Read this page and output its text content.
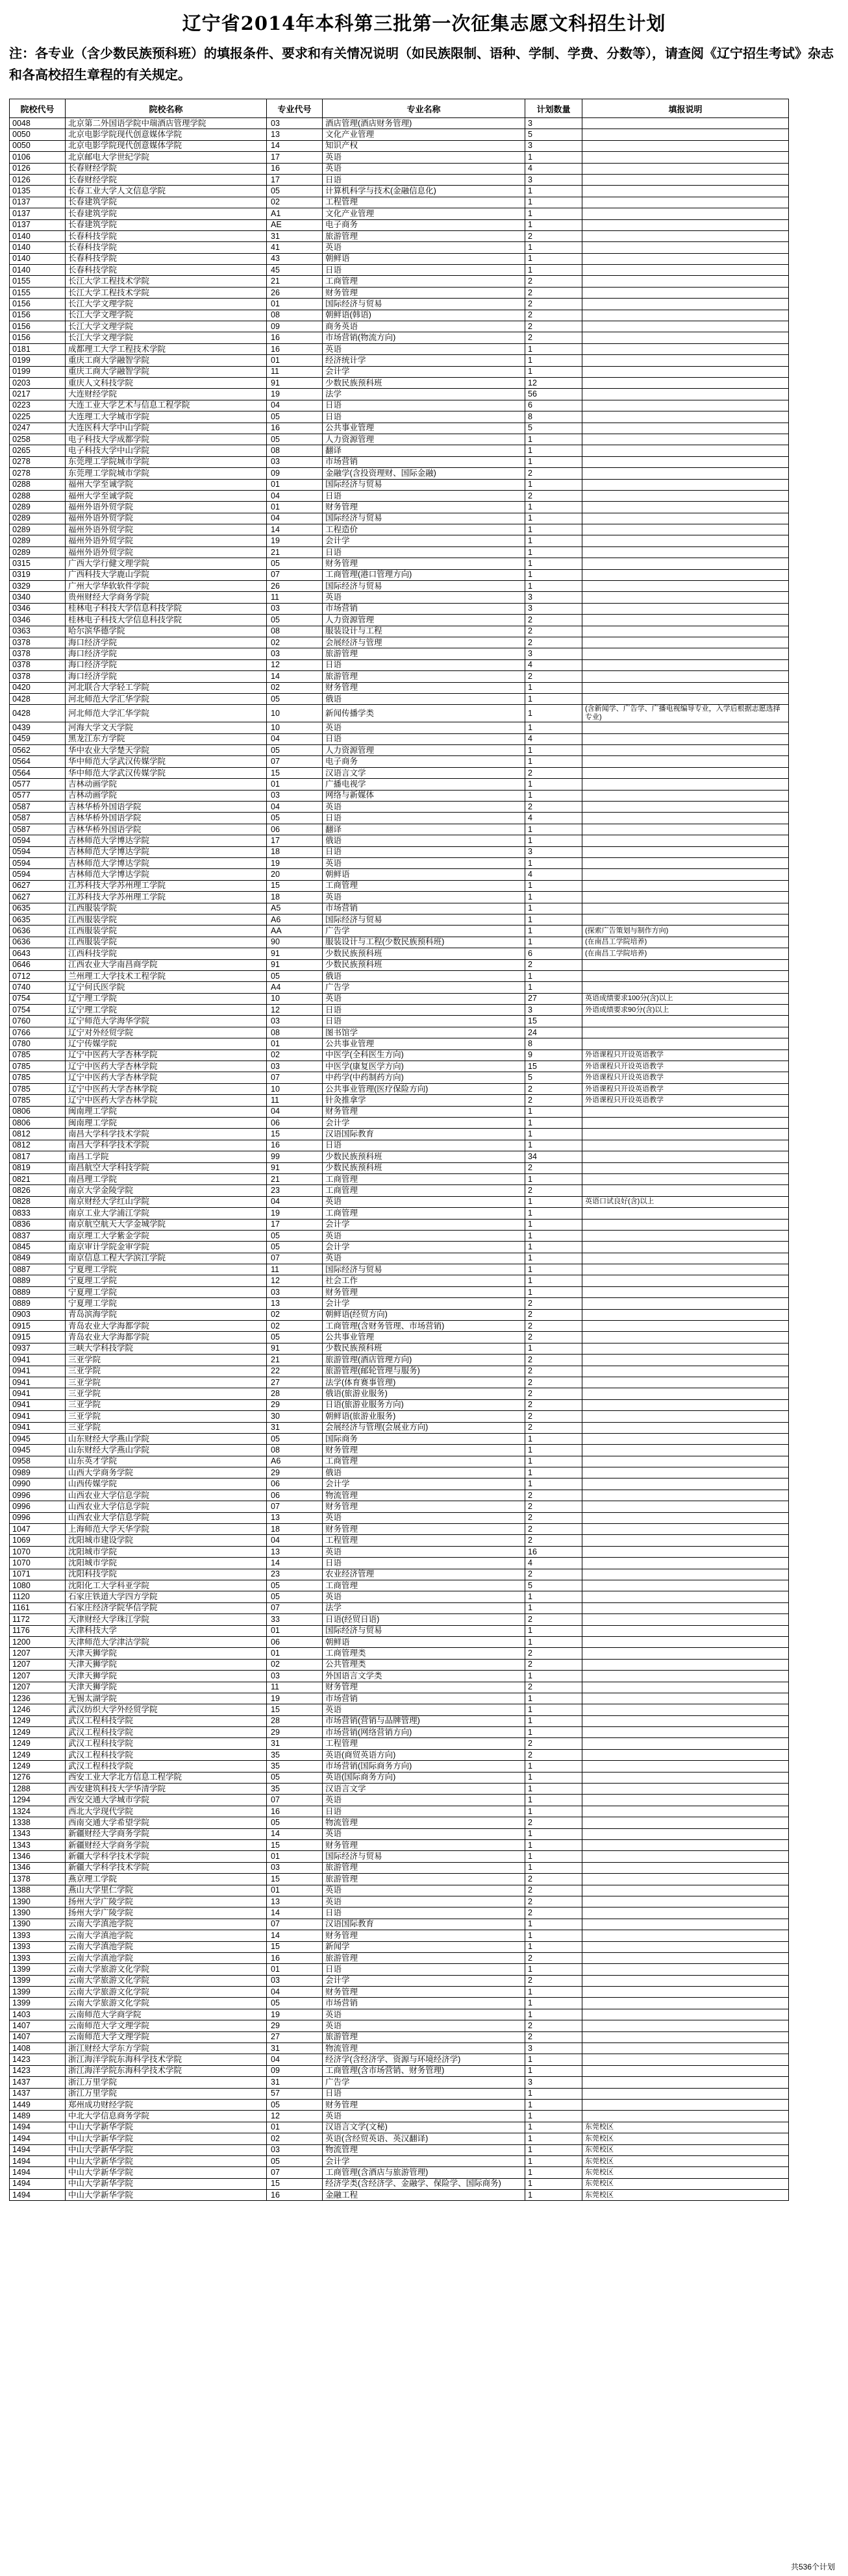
辽宁省2014年本科第三批第一次征集志愿文科招生计划
注：各专业（含少数民族预科班）的填报条件、要求和有关情况说明（如民族限制、语种、学制、学费、分数等），请查阅《辽宁招生考试》杂志和各高校招生章程的有关规定。
院校代号	院校名称	专业代号	专业名称	计划数量	填报说明
0048	北京第二外国语学院中瑞酒店管理学院	03	酒店管理(酒店财务管理)	3	
0050	北京电影学院现代创意媒体学院	13	文化产业管理	5	
0050	北京电影学院现代创意媒体学院	14	知识产权	3	
0106	北京邮电大学世纪学院	17	英语	1	
0126	长春财经学院	16	英语	4	
0126	长春财经学院	17	日语	3	
0135	长春工业大学人文信息学院	05	计算机科学与技术(金融信息化)	1	
0137	长春建筑学院	02	工程管理	1	
0137	长春建筑学院	A1	文化产业管理	1	
0137	长春建筑学院	AE	电子商务	1	
0140	长春科技学院	31	旅游管理	2	
0140	长春科技学院	41	英语	1	
0140	长春科技学院	43	朝鲜语	1	
0140	长春科技学院	45	日语	1	
0155	长江大学工程技术学院	21	工商管理	2	
0155	长江大学工程技术学院	26	财务管理	2	
0156	长江大学文理学院	01	国际经济与贸易	2	
0156	长江大学文理学院	08	朝鲜语(韩语)	2	
0156	长江大学文理学院	09	商务英语	2	
0156	长江大学文理学院	16	市场营销(物流方向)	2	
0181	成都理工大学工程技术学院	16	英语	1	
0199	重庆工商大学融智学院	01	经济统计学	1	
0199	重庆工商大学融智学院	11	会计学	1	
0203	重庆人文科技学院	91	少数民族预科班	12	
0217	大连财经学院	19	法学	56	
0223	大连工业大学艺术与信息工程学院	04	日语	6	
0225	大连理工大学城市学院	05	日语	8	
0247	大连医科大学中山学院	16	公共事业管理	5	
0258	电子科技大学成都学院	05	人力资源管理	1	
0265	电子科技大学中山学院	08	翻译	1	
0278	东莞理工学院城市学院	03	市场营销	1	
0278	东莞理工学院城市学院	09	金融学(含投资理财、国际金融)	2	
0288	福州大学至诚学院	01	国际经济与贸易	1	
0288	福州大学至诚学院	04	日语	2	
0289	福州外语外贸学院	01	财务管理	1	
0289	福州外语外贸学院	04	国际经济与贸易	1	
0289	福州外语外贸学院	14	工程造价	1	
0289	福州外语外贸学院	19	会计学	1	
0289	福州外语外贸学院	21	日语	1	
0315	广西大学行健文理学院	05	财务管理	1	
0319	广西科技大学鹿山学院	07	工商管理(港口管理方向)	1	
0329	广州大学华软软件学院	26	国际经济与贸易	1	
0340	贵州财经大学商务学院	11	英语	3	
0346	桂林电子科技大学信息科技学院	03	市场营销	3	
0346	桂林电子科技大学信息科技学院	05	人力资源管理	2	
0363	哈尔滨华德学院	08	服装设计与工程	2	
0378	海口经济学院	02	会展经济与管理	2	
0378	海口经济学院	03	旅游管理	3	
0378	海口经济学院	12	日语	4	
0378	海口经济学院	14	旅游管理	2	
0420	河北联合大学轻工学院	02	财务管理	1	
0428	河北师范大学汇华学院	05	俄语	1	
0428	河北师范大学汇华学院	10	新闻传播学类	1	(含新闻学、广告学、广播电视编导专业，入学后根据志愿选择专业)
0439	河海大学文天学院	10	英语	1	
0459	黑龙江东方学院	04	日语	4	
0562	华中农业大学楚天学院	05	人力资源管理	1	
0564	华中师范大学武汉传媒学院	07	电子商务	1	
0564	华中师范大学武汉传媒学院	15	汉语言文学	2	
0577	吉林动画学院	01	广播电视学	1	
0577	吉林动画学院	03	网络与新媒体	1	
0587	吉林华桥外国语学院	04	英语	2	
0587	吉林华桥外国语学院	05	日语	4	
0587	吉林华桥外国语学院	06	翻译	1	
0594	吉林师范大学博达学院	17	俄语	1	
0594	吉林师范大学博达学院	18	日语	3	
0594	吉林师范大学博达学院	19	英语	1	
0594	吉林师范大学博达学院	20	朝鲜语	4	
0627	江苏科技大学苏州理工学院	15	工商管理	1	
0627	江苏科技大学苏州理工学院	18	英语	1	
0635	江西服装学院	A5	市场营销	1	
0635	江西服装学院	A6	国际经济与贸易	1	
0636	江西服装学院	AA	广告学	1	(探索广告策划与制作方向)
0636	江西服装学院	90	服装设计与工程(少数民族预科班)	1	(在南昌工学院培养)
0643	江西科技学院	91	少数民族预科班	6	(在南昌工学院培养)
0646	江西农业大学南昌商学院	91	少数民族预科班	2	
0712	兰州理工大学技术工程学院	05	俄语	1	
0740	辽宁何氏医学院	A4	广告学	1	
0754	辽宁理工学院	10	英语	27	英语成绩要求100分(含)以上
0754	辽宁理工学院	12	日语	3	外语成绩要求90分(含)以上
0760	辽宁师范大学海华学院	03	日语	15	
0766	辽宁对外经贸学院	08	图书馆学	24	
0780	辽宁传媒学院	01	公共事业管理	8	
0785	辽宁中医药大学杏林学院	02	中医学(全科医生方向)	9	外语课程只开设英语教学
0785	辽宁中医药大学杏林学院	03	中医学(康复医学方向)	15	外语课程只开设英语教学
0785	辽宁中医药大学杏林学院	07	中药学(中药制药方向)	5	外语课程只开设英语教学
0785	辽宁中医药大学杏林学院	10	公共事业管理(医疗保险方向)	2	外语课程只开设英语教学
0785	辽宁中医药大学杏林学院	11	针灸推拿学	2	外语课程只开设英语教学
0806	闽南理工学院	04	财务管理	1	
0806	闽南理工学院	06	会计学	1	
0812	南昌大学科学技术学院	15	汉语国际教育	1	
0812	南昌大学科学技术学院	16	日语	1	
0817	南昌工学院	99	少数民族预科班	34	
0819	南昌航空大学科技学院	91	少数民族预科班	2	
0821	南昌理工学院	21	工商管理	1	
0826	南京大学金陵学院	23	工商管理	2	
0828	南京财经大学红山学院	04	英语	1	英语口试良好(含)以上
0833	南京工业大学浦江学院	19	工商管理	1	
0836	南京航空航天大学金城学院	17	会计学	1	
0837	南京理工大学紫金学院	05	英语	1	
0845	南京审计学院金审学院	05	会计学	1	
0849	南京信息工程大学滨江学院	07	英语	1	
0887	宁夏理工学院	11	国际经济与贸易	1	
0889	宁夏理工学院	12	社会工作	1	
0889	宁夏理工学院	03	财务管理	1	
0889	宁夏理工学院	13	会计学	2	
0903	青岛滨海学院	02	朝鲜语(经贸方向)	2	
0915	青岛农业大学海都学院	02	工商管理(含财务管理、市场营销)	2	
0915	青岛农业大学海都学院	05	公共事业管理	2	
0937	三峡大学科技学院	91	少数民族预科班	1	
0941	三亚学院	21	旅游管理(酒店管理方向)	2	
0941	三亚学院	22	旅游管理(邮轮管理与服务)	2	
0941	三亚学院	27	法学(体育赛事管理)	2	
0941	三亚学院	28	俄语(旅游业服务)	2	
0941	三亚学院	29	日语(旅游业服务方向)	2	
0941	三亚学院	30	朝鲜语(旅游业服务)	2	
0941	三亚学院	31	会展经济与管理(会展业方向)	2	
0945	山东财经大学燕山学院	05	国际商务	1	
0945	山东财经大学燕山学院	08	财务管理	1	
0958	山东英才学院	A6	工商管理	1	
0989	山西大学商务学院	29	俄语	1	
0990	山西传媒学院	06	会计学	1	
0996	山西农业大学信息学院	06	物流管理	2	
0996	山西农业大学信息学院	07	财务管理	2	
0996	山西农业大学信息学院	13	英语	2	
1047	上海师范大学天华学院	18	财务管理	2	
1069	沈阳城市建设学院	04	工程管理	2	
1070	沈阳城市学院	13	英语	16	
1070	沈阳城市学院	14	日语	4	
1071	沈阳科技学院	23	农业经济管理	2	
1080	沈阳化工大学科亚学院	05	工商管理	5	
1120	石家庄铁道大学四方学院	05	英语	1	
1161	石家庄经济学院华信学院	07	法学	1	
1172	天津财经大学珠江学院	33	日语(经贸日语)	2	
1176	天津科技大学	01	国际经济与贸易	1	
1200	天津师范大学津沽学院	06	朝鲜语	1	
1207	天津天狮学院	01	工商管理类	2	
1207	天津天狮学院	02	公共管理类	2	
1207	天津天狮学院	03	外国语言文学类	1	
1207	天津天狮学院	11	财务管理	2	
1236	无锡太湖学院	19	市场营销	1	
1246	武汉纺织大学外经贸学院	15	英语	1	
1249	武汉工程科技学院	28	市场营销(营销与品牌管理)	1	
1249	武汉工程科技学院	29	市场营销(网络营销方向)	1	
1249	武汉工程科技学院	31	工程管理	2	
1249	武汉工程科技学院	35	英语(商贸英语方向)	2	
1249	武汉工程科技学院	35	市场营销(国际商务方向)	1	
1276	西安工业大学北方信息工程学院	05	英语(国际商务方向)	1	
1288	西安建筑科技大学华清学院	35	汉语言文学	1	
1294	西安交通大学城市学院	07	英语	1	
1324	西北大学现代学院	16	日语	1	
1338	西南交通大学希望学院	05	物流管理	2	
1343	新疆财经大学商务学院	14	英语	1	
1343	新疆财经大学商务学院	15	财务管理	1	
1346	新疆大学科学技术学院	01	国际经济与贸易	1	
1346	新疆大学科学技术学院	03	旅游管理	1	
1378	燕京理工学院	15	旅游管理	2	
1388	燕山大学里仁学院	01	英语	2	
1390	扬州大学广陵学院	13	英语	2	
1390	扬州大学广陵学院	14	日语	2	
1390	云南大学滇池学院	07	汉语国际教育	1	
1393	云南大学滇池学院	14	财务管理	1	
1393	云南大学滇池学院	15	新闻学	1	
1393	云南大学滇池学院	16	旅游管理	2	
1399	云南大学旅游文化学院	01	日语	1	
1399	云南大学旅游文化学院	03	会计学	2	
1399	云南大学旅游文化学院	04	财务管理	1	
1399	云南大学旅游文化学院	05	市场营销	1	
1403	云南师范大学商学院	19	英语	1	
1407	云南师范大学文理学院	29	英语	2	
1407	云南师范大学文理学院	27	旅游管理	2	
1408	浙江财经大学东方学院	31	物流管理	3	
1423	浙江海洋学院东海科学技术学院	04	经济学(含经济学、资源与环境经济学)	1	
1423	浙江海洋学院东海科学技术学院	09	工商管理(含市场营销、财务管理)	1	
1437	浙江万里学院	31	广告学	3	
1437	浙江万里学院	57	日语	1	
1449	郑州成功财经学院	05	财务管理	1	
1489	中北大学信息商务学院	12	英语	1	
1494	中山大学新华学院	01	汉语言文学(文秘)	1	东莞校区
1494	中山大学新华学院	02	英语(含经贸英语、英汉翻译)	1	东莞校区
1494	中山大学新华学院	03	物流管理	1	东莞校区
1494	中山大学新华学院	05	会计学	1	东莞校区
1494	中山大学新华学院	07	工商管理(含酒店与旅游管理)	1	东莞校区
1494	中山大学新华学院	15	经济学类(含经济学、金融学、保险学、国际商务)	1	东莞校区
1494	中山大学新华学院	16	金融工程	1	东莞校区
共536个计划
